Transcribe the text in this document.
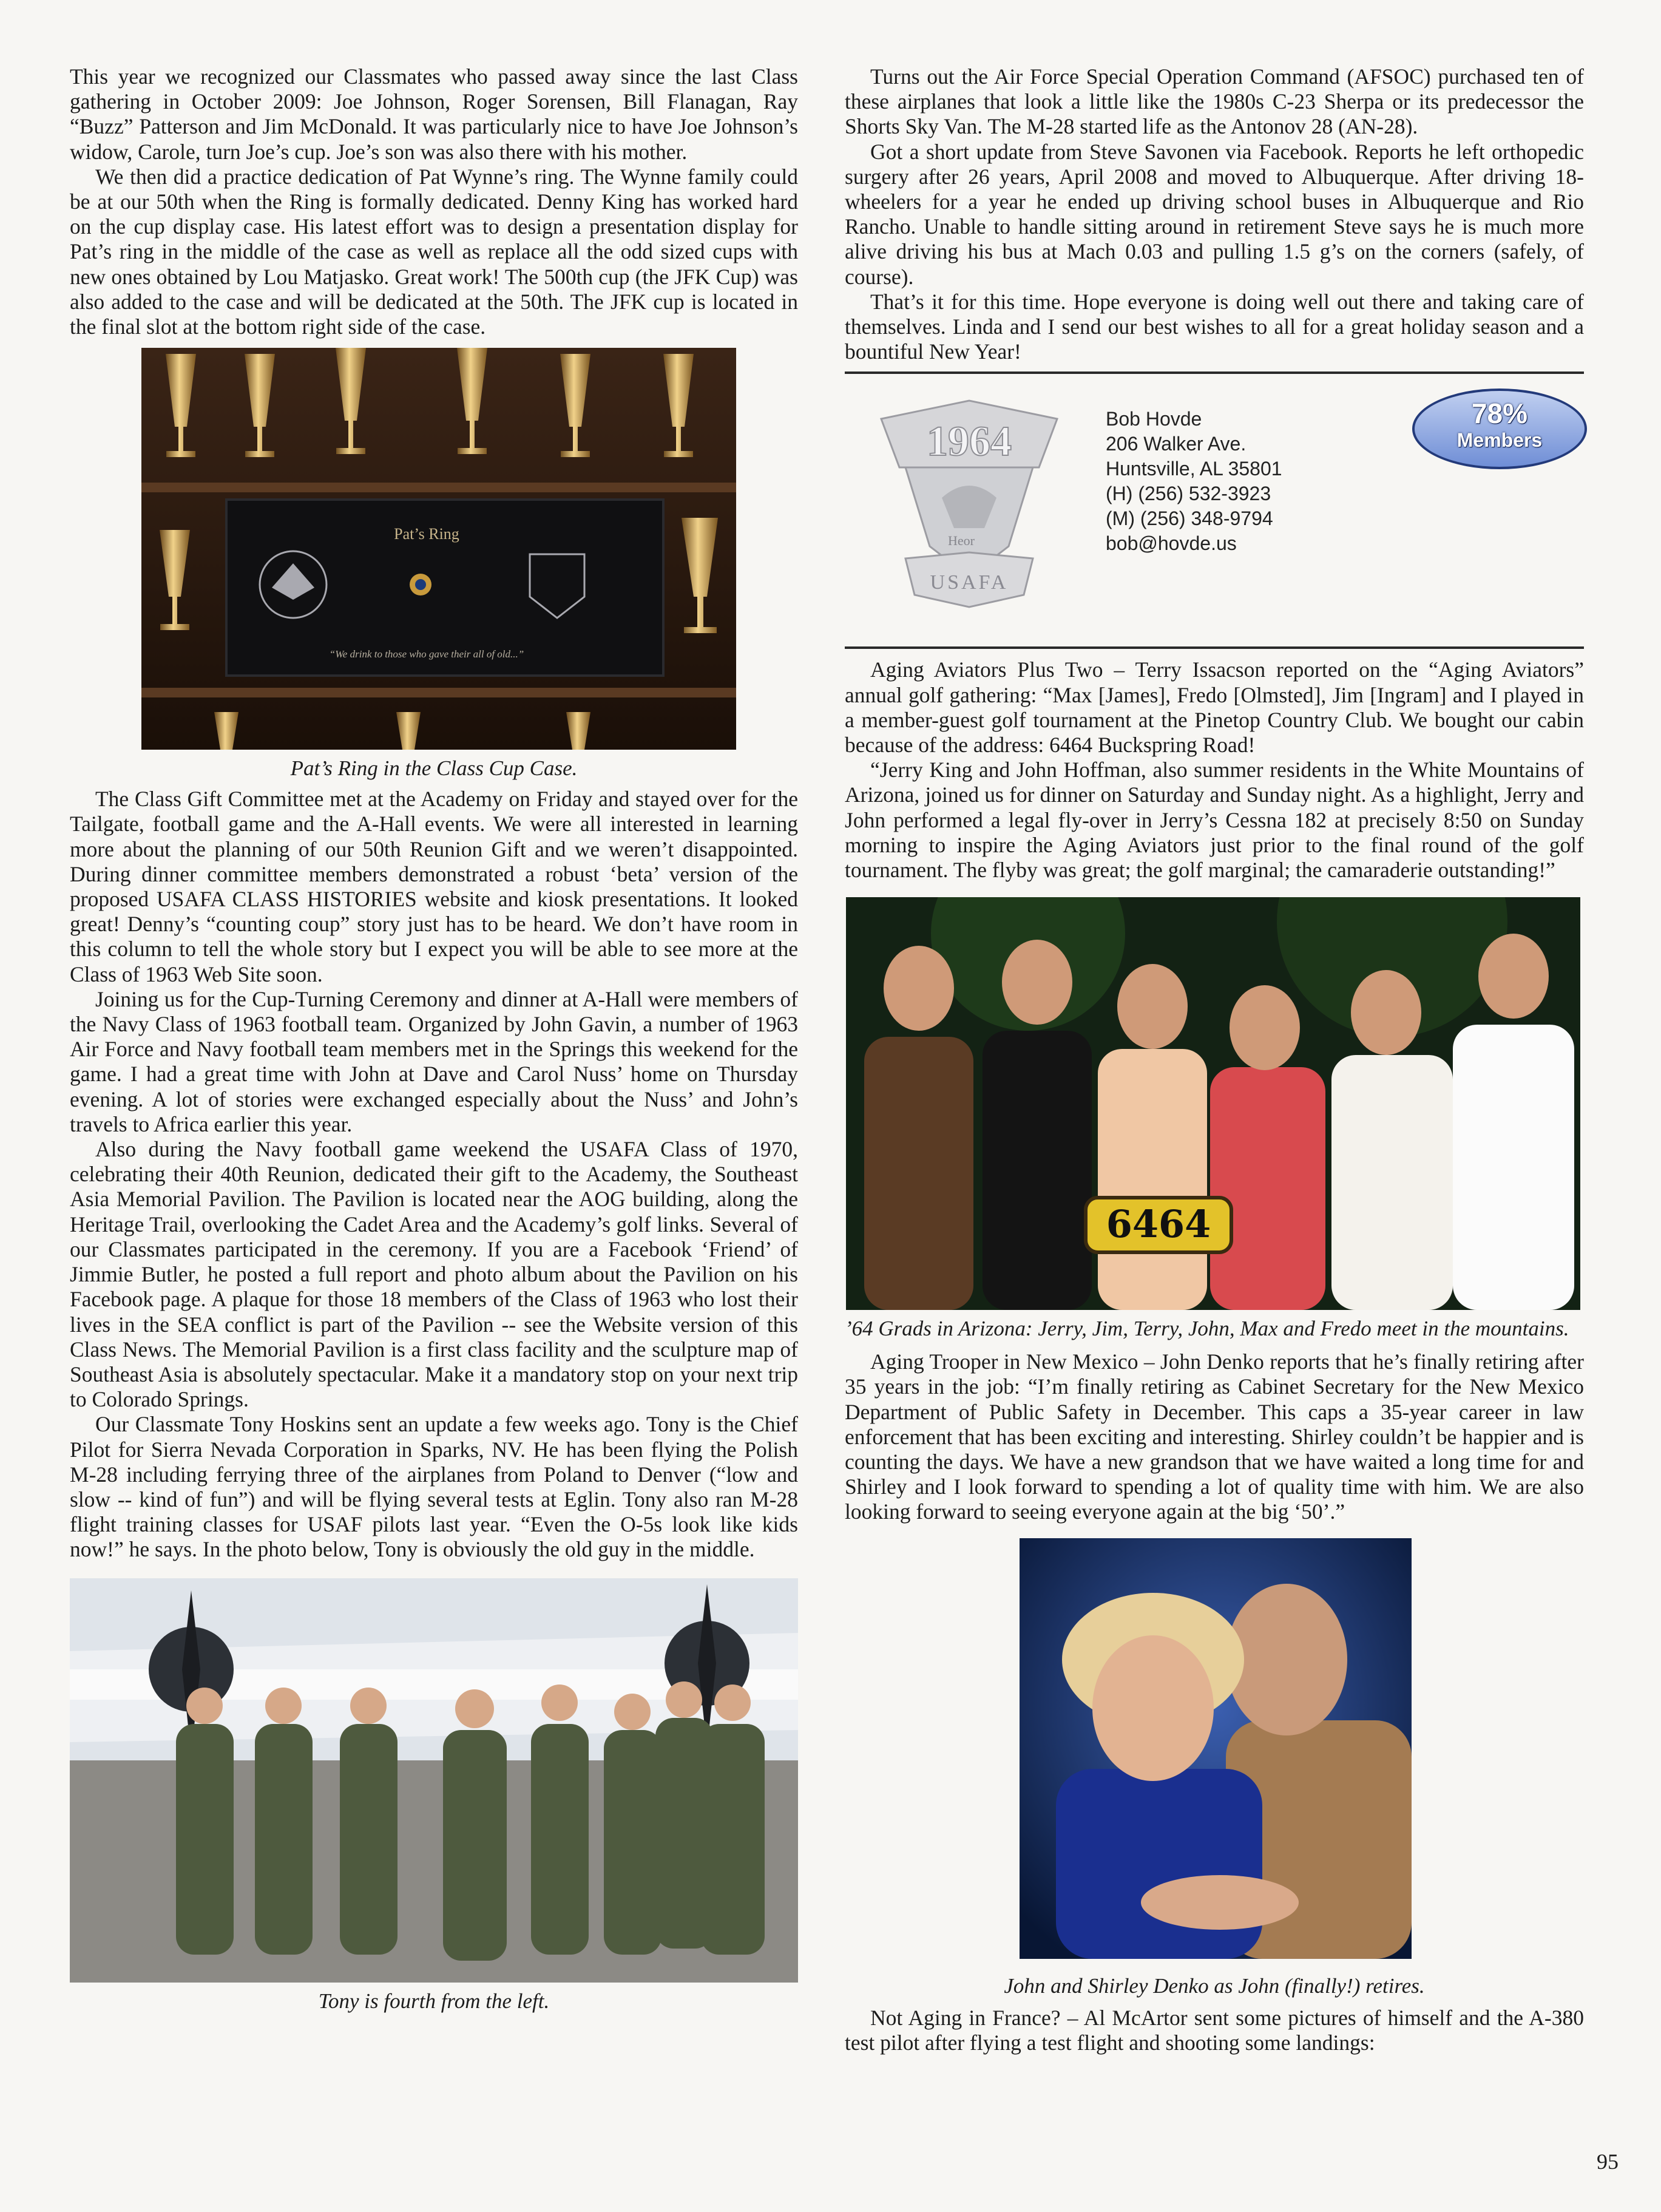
This year we recognized our Classmates who passed away since the last Class gathering in October 2009: Joe Johnson, Roger Sorensen, Bill Flanagan, Ray “Buzz” Patterson and Jim McDonald. It was particularly nice to have Joe Johnson’s widow, Carole, turn Joe’s cup. Joe’s son was also there with his mother.

We then did a practice dedication of Pat Wynne’s ring. The Wynne family could be at our 50th when the Ring is formally dedicated. Denny King has worked hard on the cup display case. His latest effort was to design a presentation display for Pat’s ring in the middle of the case as well as replace all the odd sized cups with new ones obtained by Lou Matjasko. Great work! The 500th cup (the JFK Cup) was also added to the case and will be dedicated at the 50th. The JFK cup is located in the final slot at the bottom right side of the case.

Pat’s Ring
“We drink to those who gave their all of old...”
Pat’s Ring in the Class Cup Case.

The Class Gift Committee met at the Academy on Friday and stayed over for the Tailgate, football game and the A-Hall events. We were all interested in learning more about the planning of our 50th Reunion Gift and we weren’t disappointed. During dinner committee members demonstrated a robust ‘beta’ version of the proposed USAFA CLASS HISTORIES website and kiosk presentations. It looked great! Denny’s “counting coup” story just has to be heard. We don’t have room in this column to tell the whole story but I expect you will be able to see more at the Class of 1963 Web Site soon.

Joining us for the Cup-Turning Ceremony and dinner at A-Hall were members of the Navy Class of 1963 football team. Organized by John Gavin, a number of 1963 Air Force and Navy football team members met in the Springs this weekend for the game. I had a great time with John at Dave and Carol Nuss’ home on Thursday evening. A lot of stories were exchanged especially about the Nuss’ and John’s travels to Africa earlier this year.

Also during the Navy football game weekend the USAFA Class of 1970, celebrating their 40th Reunion, dedicated their gift to the Academy, the Southeast Asia Memorial Pavilion. The Pavilion is located near the AOG building, along the Heritage Trail, overlooking the Cadet Area and the Academy’s golf links. Several of our Classmates participated in the ceremony. If you are a Facebook ‘Friend’ of Jimmie Butler, he posted a full report and photo album about the Pavilion on his Facebook page. A plaque for those 18 members of the Class of 1963 who lost their lives in the SEA conflict is part of the Pavilion -- see the Website version of this Class News. The Memorial Pavilion is a first class facility and the sculpture map of Southeast Asia is absolutely spectacular. Make it a mandatory stop on your next trip to Colorado Springs.

Our Classmate Tony Hoskins sent an update a few weeks ago. Tony is the Chief Pilot for Sierra Nevada Corporation in Sparks, NV. He has been flying the Polish M-28 including ferrying three of the airplanes from Poland to Denver (“low and slow -- kind of fun”) and will be flying several tests at Eglin. Tony also ran M-28 flight training classes for USAF pilots last year. “Even the O-5s look like kids now!” he says. In the photo below, Tony is obviously the old guy in the middle.

Tony is fourth from the left.

Turns out the Air Force Special Operation Command (AFSOC) purchased ten of these airplanes that look a little like the 1980s C-23 Sherpa or its predecessor the Shorts Sky Van. The M-28 started life as the Antonov 28 (AN-28).

Got a short update from Steve Savonen via Facebook. Reports he left orthopedic surgery after 26 years, April 2008 and moved to Albuquerque. After driving 18-wheelers for a year he ended up driving school buses in Albuquerque and Rio Rancho. Unable to handle sitting around in retirement Steve says he is much more alive driving his bus at Mach 0.03 and pulling 1.5 g’s on the corners (safely, of course).

That’s it for this time. Hope everyone is doing well out there and taking care of themselves. Linda and I send our best wishes to all for a great holiday season and a bountiful New Year!

1964
Heor
USAFA
Bob Hovde
206 Walker Ave.
Huntsville, AL 35801
(H) (256) 532-3923
(M) (256) 348-9794
bob@hovde.us
78%
Members

Aging Aviators Plus Two – Terry Issacson reported on the “Aging Aviators” annual golf gathering: “Max [James], Fredo [Olmsted], Jim [Ingram] and I played in a member-guest golf tournament at the Pinetop Country Club. We bought our cabin because of the address: 6464 Buckspring Road!

“Jerry King and John Hoffman, also summer residents in the White Mountains of Arizona, joined us for dinner on Saturday and Sunday night. As a highlight, Jerry and John performed a legal fly-over in Jerry’s Cessna 182 at precisely 8:50 on Sunday morning to inspire the Aging Aviators just prior to the final round of the golf tournament. The flyby was great; the golf marginal; the camaraderie outstanding!”

6464
’64 Grads in Arizona: Jerry, Jim, Terry, John, Max and Fredo meet in the mountains.

Aging Trooper in New Mexico – John Denko reports that he’s finally retiring after 35 years in the job: “I’m finally retiring as Cabinet Secretary for the New Mexico Department of Public Safety in December. This caps a 35-year career in law enforcement that has been exciting and interesting. Shirley couldn’t be happier and is counting the days. We have a new grandson that we have waited a long time for and Shirley and I look forward to spending a lot of quality time with him. We are also looking forward to seeing everyone again at the big ‘50’.”

John and Shirley Denko as John (finally!) retires.

Not Aging in France? – Al McArtor sent some pictures of himself and the A-380 test pilot after flying a test flight and shooting some landings:

95
